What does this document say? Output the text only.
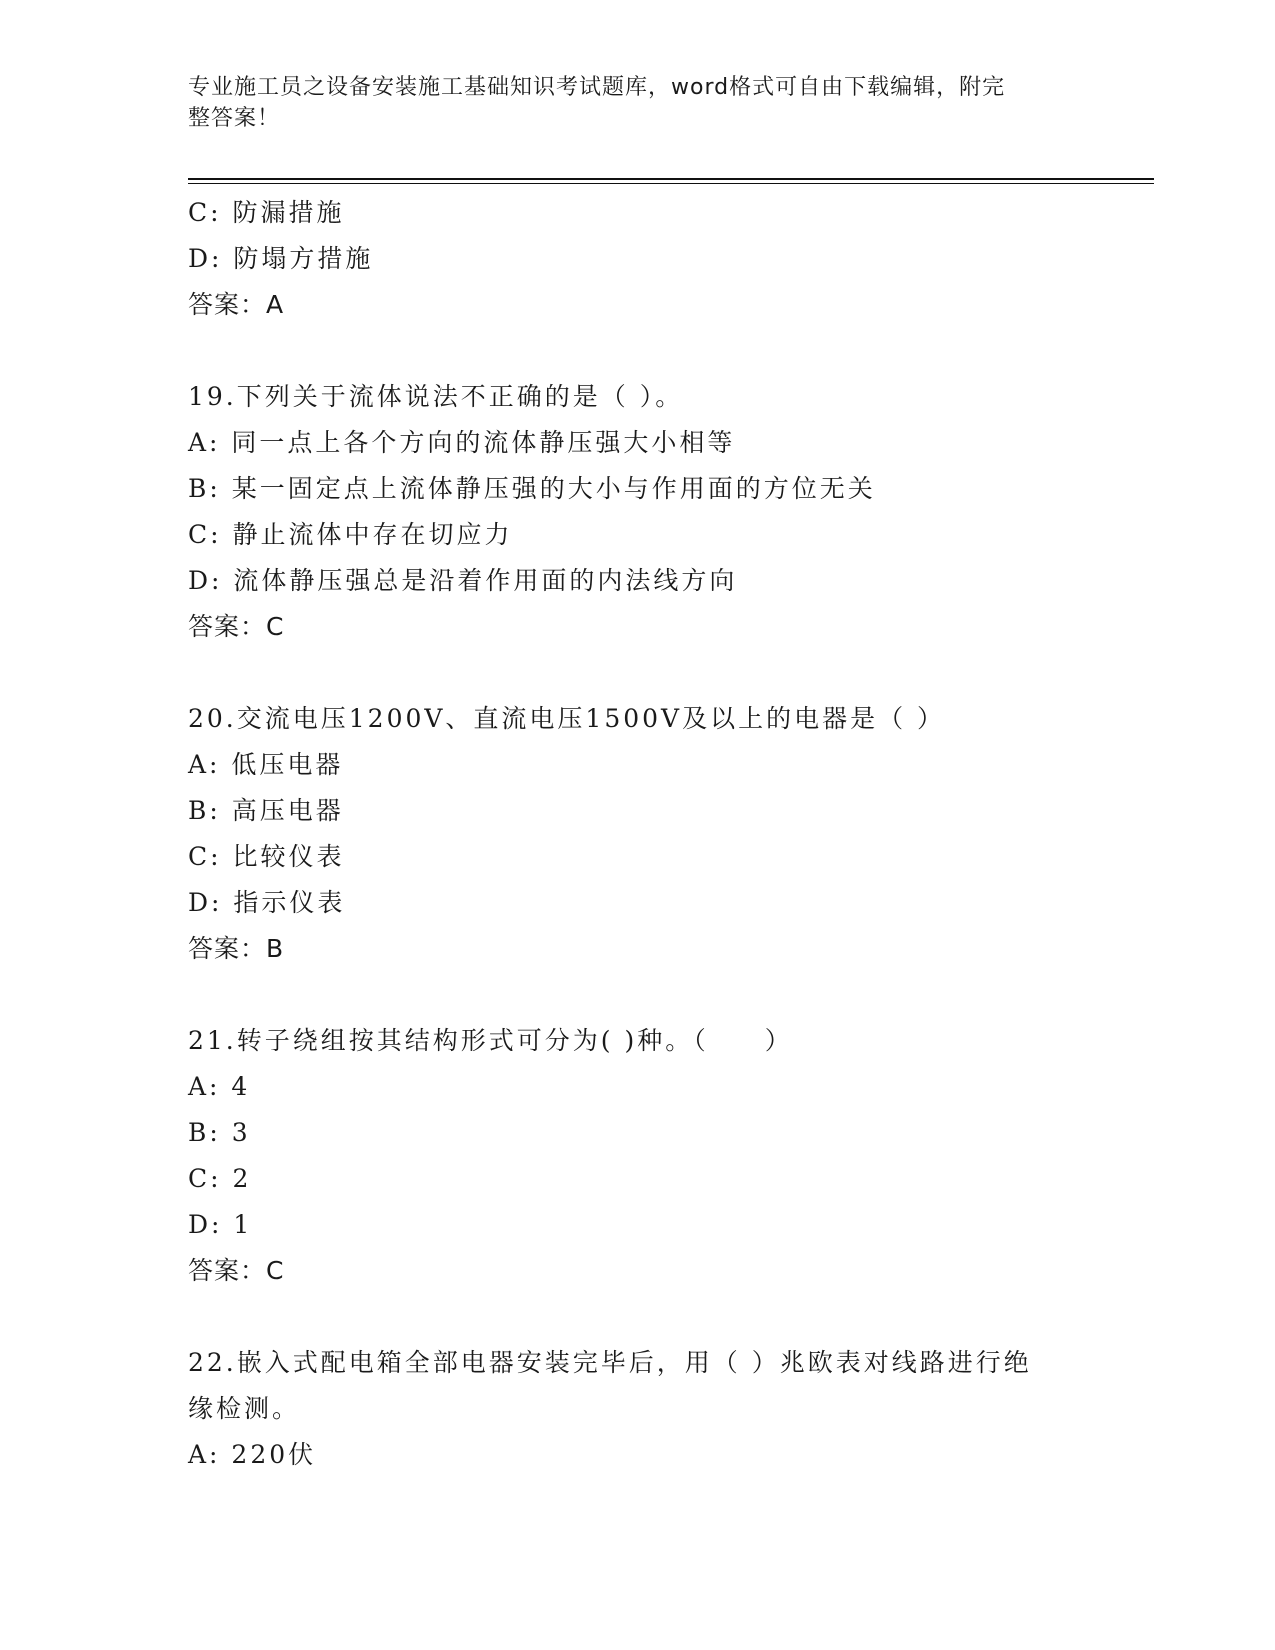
专业施工员之设备安装施工基础知识考试题库，word格式可自由下载编辑，附完
整答案！
C: 防漏措施
D: 防塌方措施
答案：A
19.下列关于流体说法不正确的是（ ）。
A: 同一点上各个方向的流体静压强大小相等
B: 某一固定点上流体静压强的大小与作用面的方位无关
C: 静止流体中存在切应力
D: 流体静压强总是沿着作用面的内法线方向
答案：C
20.交流电压1200V、直流电压1500V及以上的电器是（ ）
A: 低压电器
B: 高压电器
C: 比较仪表
D: 指示仪表
答案：B
21.转子绕组按其结构形式可分为( )种。（　　）
A: 4
B: 3
C: 2
D: 1
答案：C
22.嵌入式配电箱全部电器安装完毕后，用（ ）兆欧表对线路进行绝
缘检测。
A: 220伏
